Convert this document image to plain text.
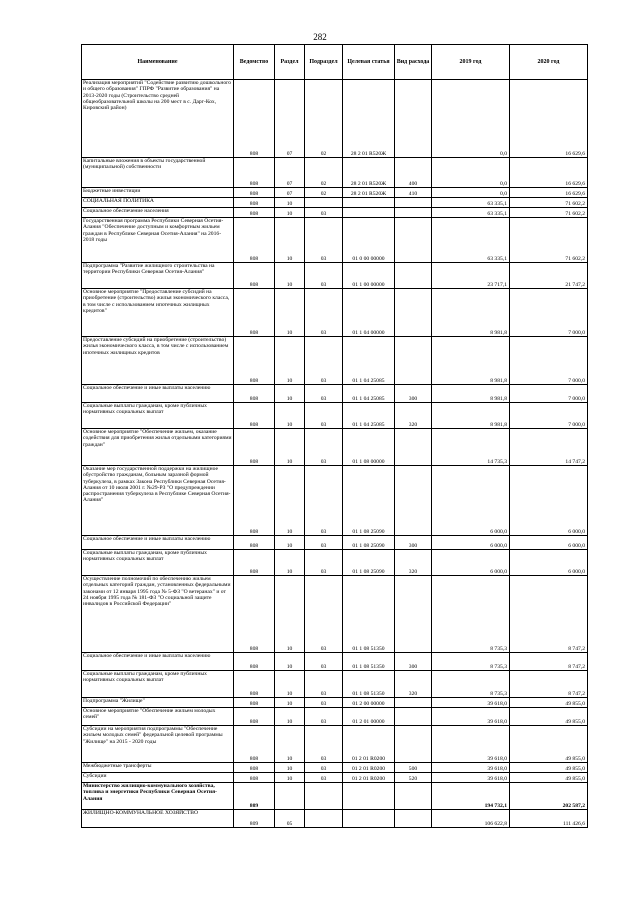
282
Наименование	Ведомство	Раздел	Подраздел	Целевая статья	Вид расхода	2019 год	2020 год
Реализация мероприятий "Содействие развитию дошкольного и общего образования" ГПРФ "Развитие образования" на 2013-2020 годы (Строительство средней общеобразовательной школы на 200 мест в с. Дарг-Кох, Кировский район)	808	07	02	28 2 01 R520Ж		0,0	16 629,6
Капитальные вложения в объекты государственной (муниципальной) собственности	808	07	02	28 2 01 R520Ж	400	0,0	16 629,6
Бюджетные инвестиции	808	07	02	28 2 01 R520Ж	410	0,0	16 629,6
СОЦИАЛЬНАЯ ПОЛИТИКА	808	10				63 335,1	71 602,2
Социальное обеспечение населения	808	10	03			63 335,1	71 602,2
Государственная программа Республики Северная Осетия-Алания "Обеспечение доступным и комфортным жильем граждан в Республике Северная Осетия-Алания" на 2016-2018 годы	808	10	03	01 0 00 00000		63 335,1	71 602,2
Подпрограмма "Развитие жилищного строительства на территории Республики Северная Осетия-Алания"	808	10	03	01 1 00 00000		23 717,1	21 747,2
Основное мероприятие "Предоставление субсидий на приобретение (строительство) жилья экономического класса, в том числе с использованием ипотечных жилищных кредитов"	808	10	03	01 1 04 00000		8 981,8	7 000,0
Предоставление субсидий на приобретение (строительство) жилья экономического класса, в том числе с использованием ипотечных жилищных кредитов	808	10	03	01 1 04 25085		8 981,8	7 000,0
Социальное обеспечение и иные выплаты населению	808	10	03	01 1 04 25085	300	8 981,8	7 000,0
Социальные выплаты гражданам, кроме публичных нормативных социальных выплат	808	10	03	01 1 04 25085	320	8 981,8	7 000,0
Основное мероприятие "Обеспечение жильем, оказание содействия для приобретения жилья отдельными категориями граждан"	808	10	03	01 1 08 00000		14 735,3	14 747,2
Оказание мер государственной поддержки на жилищное обустройство гражданам, больным заразной формой туберкулеза, в рамках Закона Республики Северная Осетия-Алания от 10 июля 2001 г. №29-РЗ "О предупреждении распространения туберкулеза в Республике Северная Осетия-Алания"	808	10	03	01 1 08 25090		6 000,0	6 000,0
Социальное обеспечение и иные выплаты населению	808	10	03	01 1 08 25090	300	6 000,0	6 000,0
Социальные выплаты гражданам, кроме публичных нормативных социальных выплат	808	10	03	01 1 08 25090	320	6 000,0	6 000,0
Осуществление полномочий по обеспечению жильем отдельных категорий граждан, установленных федеральными законами от 12 января 1995 года № 5-ФЗ "О ветеранах" и от 24 ноября 1995 года № 181-ФЗ "О социальной защите инвалидов в Российской Федерации"	808	10	03	01 1 08 51350		8 735,3	8 747,2
Социальное обеспечение и иные выплаты населению	808	10	03	01 1 08 51350	300	8 735,3	8 747,2
Социальные выплаты гражданам, кроме публичных нормативных социальных выплат	808	10	03	01 1 08 51350	320	8 735,3	8 747,2
Подпрограмма "Жилище"	808	10	03	01 2 00 00000		39 618,0	49 855,0
Основное мероприятие "Обеспечение жильем молодых семей"	808	10	03	01 2 01 00000		39 618,0	49 855,0
Субсидии на мероприятия подпрограммы "Обеспечение жильем молодых семей" федеральной целевой программы "Жилище" на 2015 - 2020 годы	808	10	03	01 2 01 R0200		39 618,0	49 855,0
Межбюджетные трансферты	808	10	03	01 2 01 R0200	500	39 618,0	49 855,0
Субсидии	808	10	03	01 2 01 R0200	520	39 618,0	49 855,0
Министерство жилищно-коммунального хозяйства, топлива и энергетики Республики Северная Осетия-Алания	809					194 732,1	202 587,2
ЖИЛИЩНО-КОММУНАЛЬНОЕ ХОЗЯЙСТВО	809	05				106 622,8	111 426,6
